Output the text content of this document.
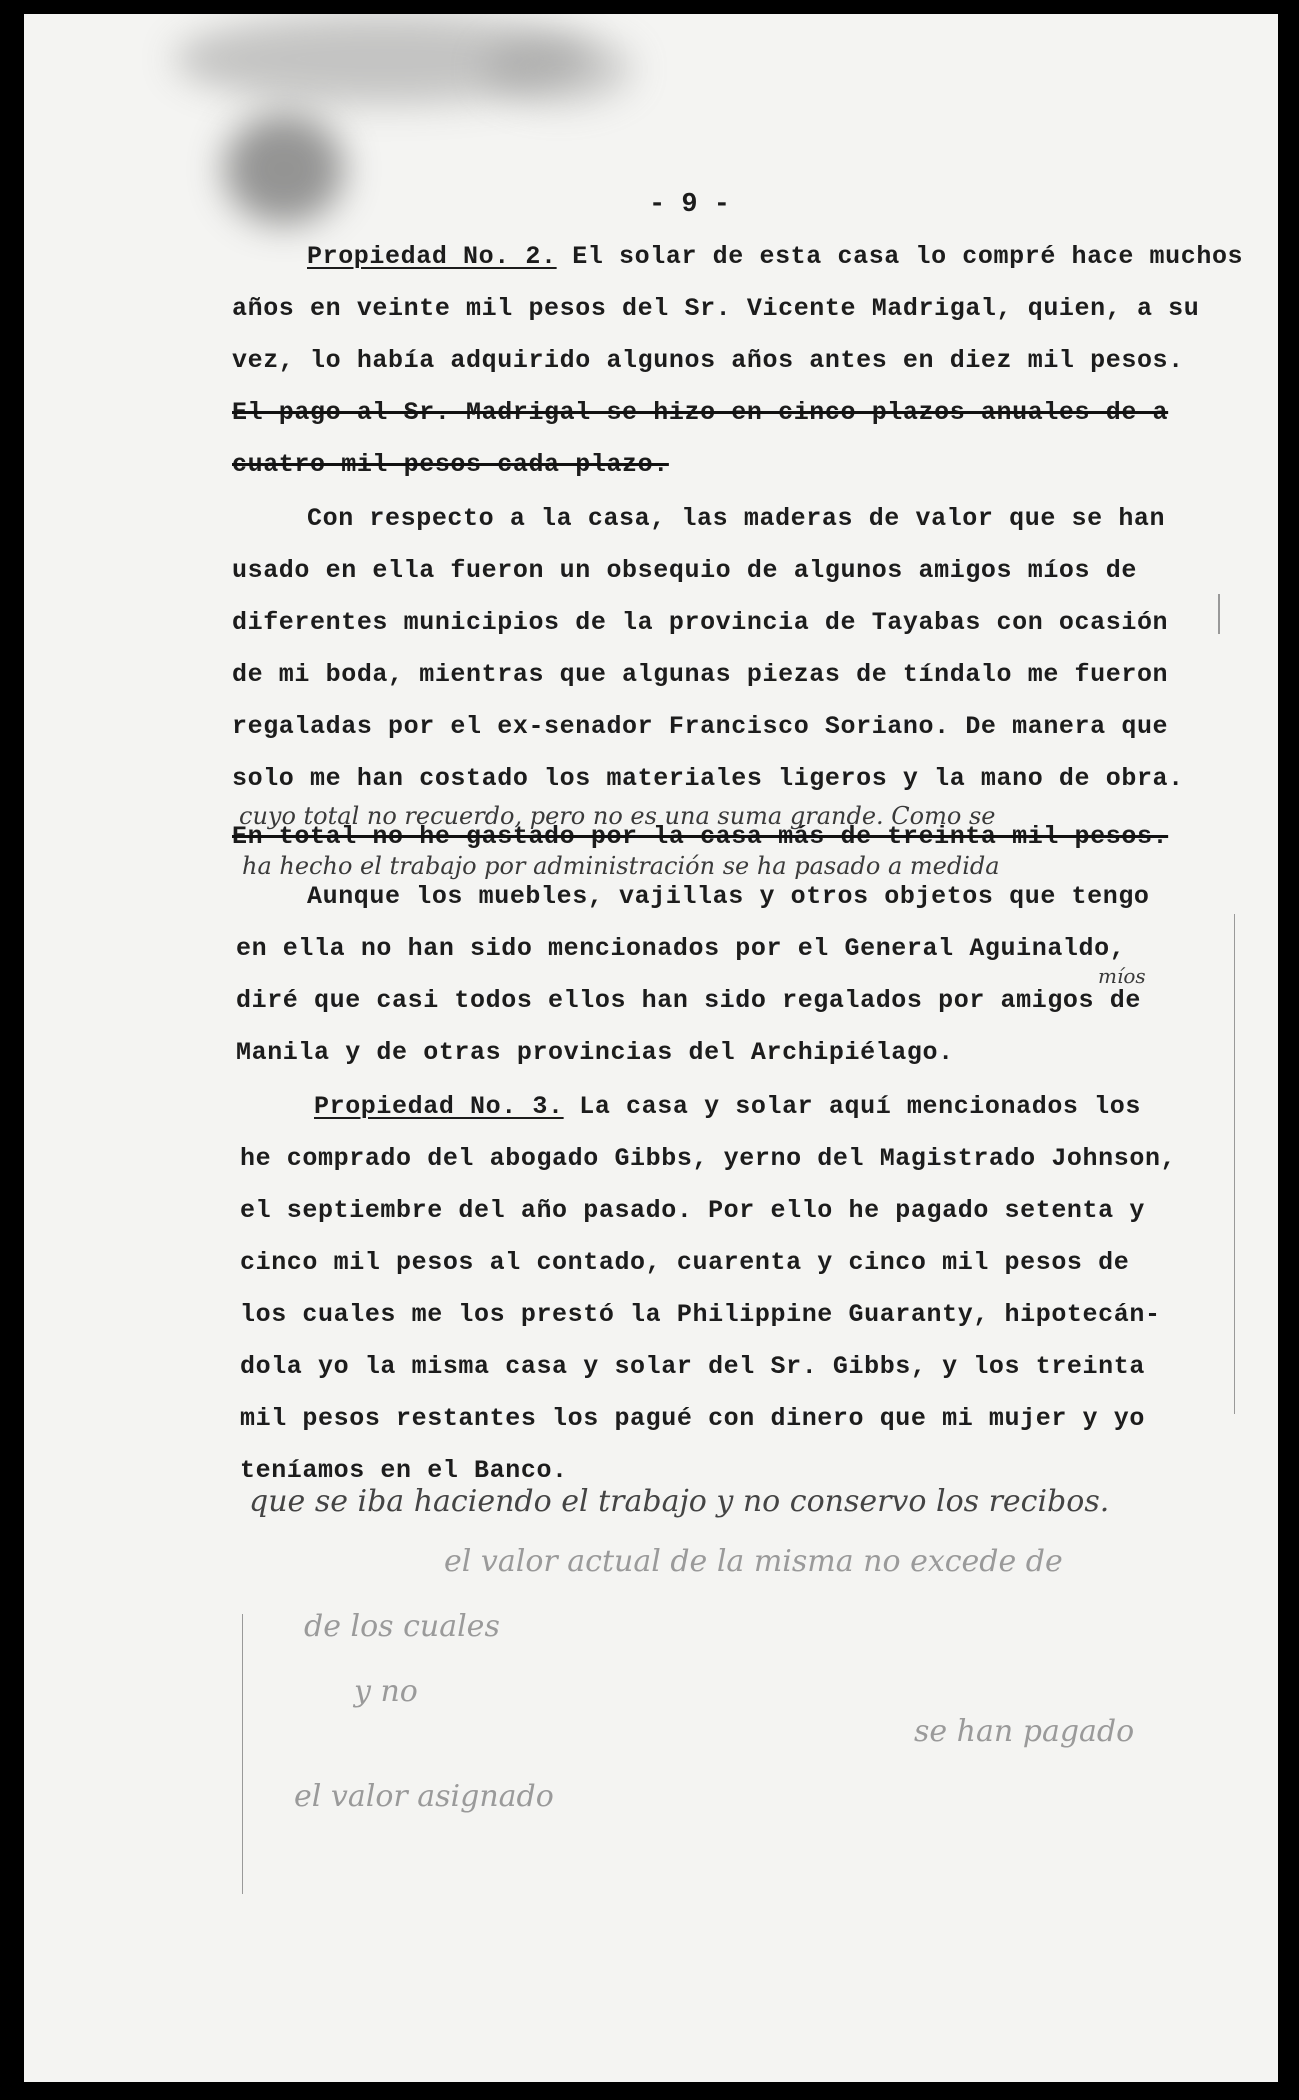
- 9 -
Propiedad No. 2. El solar de esta casa lo compré hace muchos
años en veinte mil pesos del Sr. Vicente Madrigal, quien, a su
vez, lo había adquirido algunos años antes en diez mil pesos.
El pago al Sr. Madrigal se hizo en cinco plazos anuales de a
cuatro mil pesos cada plazo.
Con respecto a la casa, las maderas de valor que se han
usado en ella fueron un obsequio de algunos amigos míos de
diferentes municipios de la provincia de Tayabas con ocasión
de mi boda, mientras que algunas piezas de tíndalo me fueron
regaladas por el ex-senador Francisco Soriano. De manera que
solo me han costado los materiales ligeros y la mano de obra.
cuyo total no recuerdo, pero no es una suma grande. Como se
En total no he gastado por la casa más de treinta mil pesos.
ha hecho el trabajo por administración se ha pasado a medida
Aunque los muebles, vajillas y otros objetos que tengo
en ella no han sido mencionados por el General Aguinaldo,
míos
diré que casi todos ellos han sido regalados por amigos de
Manila y de otras provincias del Archipiélago.
Propiedad No. 3. La casa y solar aquí mencionados los
he comprado del abogado Gibbs, yerno del Magistrado Johnson,
el septiembre del año pasado. Por ello he pagado setenta y
cinco mil pesos al contado, cuarenta y cinco mil pesos de
los cuales me los prestó la Philippine Guaranty, hipotecán-
dola yo la misma casa y solar del Sr. Gibbs, y los treinta
mil pesos restantes los pagué con dinero que mi mujer y yo
teníamos en el Banco.
que se iba haciendo el trabajo y no conservo los recibos.
el valor actual de la misma no excede de
de los cuales
y no
se han pagado
el valor asignado
